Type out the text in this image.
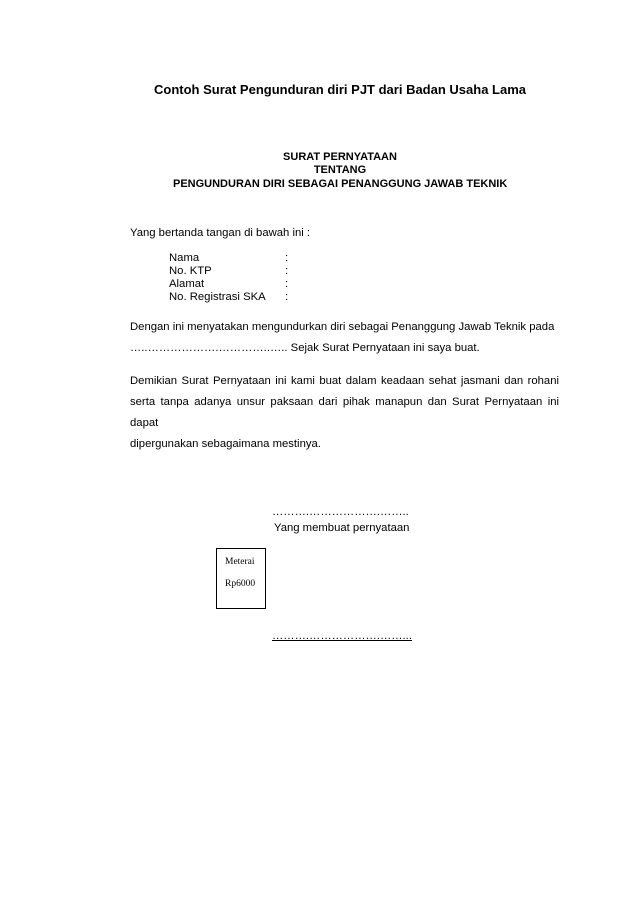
Contoh Surat Pengunduran diri PJT dari Badan Usaha Lama
SURAT PERNYATAAN
TENTANG
PENGUNDURAN DIRI SEBAGAI PENANGGUNG JAWAB TEKNIK
Yang bertanda tangan di bawah ini :
Nama	:
No. KTP	:
Alamat	:
No. Registrasi SKA :
Dengan ini menyatakan mengundurkan diri sebagai Penanggung Jawab Teknik pada
…..……………….…………..….. Sejak Surat Pernyataan ini saya buat.
Demikian Surat Pernyataan ini kami buat dalam keadaan sehat jasmani dan rohani serta tanpa adanya unsur paksaan dari pihak manapun dan Surat Pernyataan ini dapat
dipergunakan sebagaimana mestinya.
……….……………….……..
Yang membuat pernyataan
Meterai
Rp6000
……….……………….……...
